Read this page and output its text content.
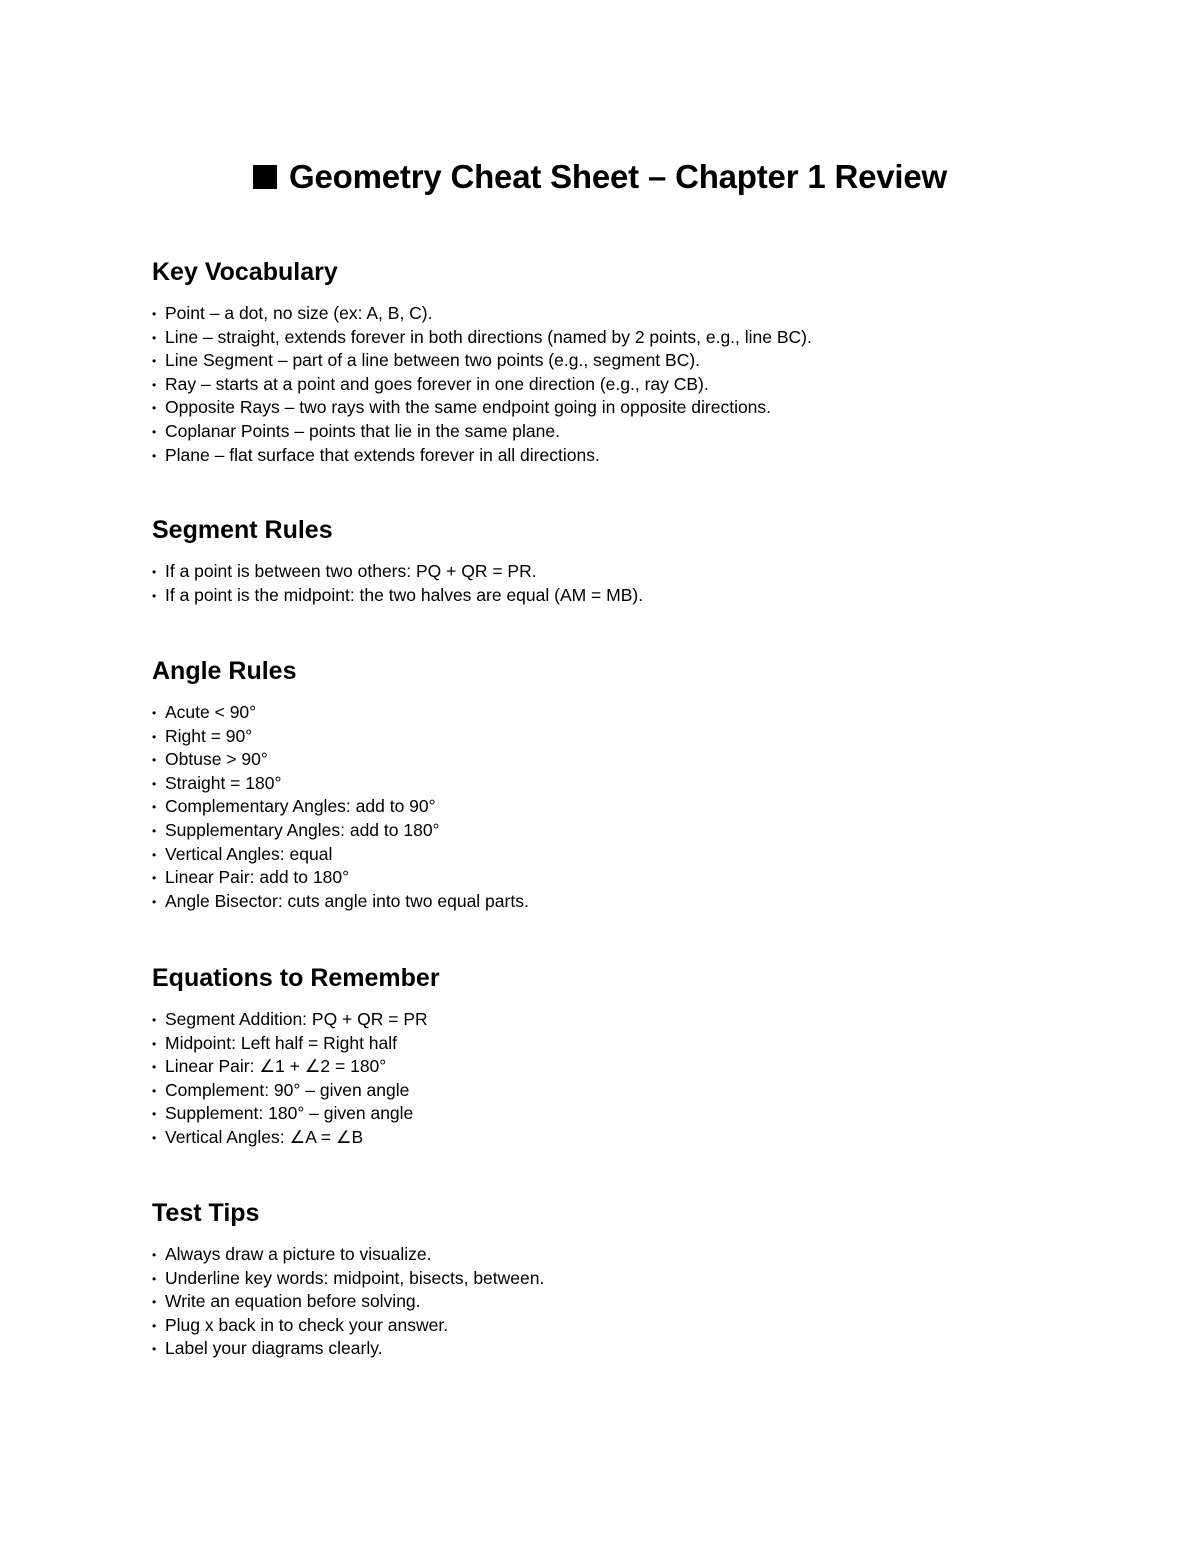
Geometry Cheat Sheet – Chapter 1 Review
Key Vocabulary
• Point – a dot, no size (ex: A, B, C).
• Line – straight, extends forever in both directions (named by 2 points, e.g., line BC).
• Line Segment – part of a line between two points (e.g., segment BC).
• Ray – starts at a point and goes forever in one direction (e.g., ray CB).
• Opposite Rays – two rays with the same endpoint going in opposite directions.
• Coplanar Points – points that lie in the same plane.
• Plane – flat surface that extends forever in all directions.
Segment Rules
• If a point is between two others: PQ + QR = PR.
• If a point is the midpoint: the two halves are equal (AM = MB).
Angle Rules
• Acute < 90°
• Right = 90°
• Obtuse > 90°
• Straight = 180°
• Complementary Angles: add to 90°
• Supplementary Angles: add to 180°
• Vertical Angles: equal
• Linear Pair: add to 180°
• Angle Bisector: cuts angle into two equal parts.
Equations to Remember
• Segment Addition: PQ + QR = PR
• Midpoint: Left half = Right half
• Linear Pair: ∠1 + ∠2 = 180°
• Complement: 90° – given angle
• Supplement: 180° – given angle
• Vertical Angles: ∠A = ∠B
Test Tips
• Always draw a picture to visualize.
• Underline key words: midpoint, bisects, between.
• Write an equation before solving.
• Plug x back in to check your answer.
• Label your diagrams clearly.
